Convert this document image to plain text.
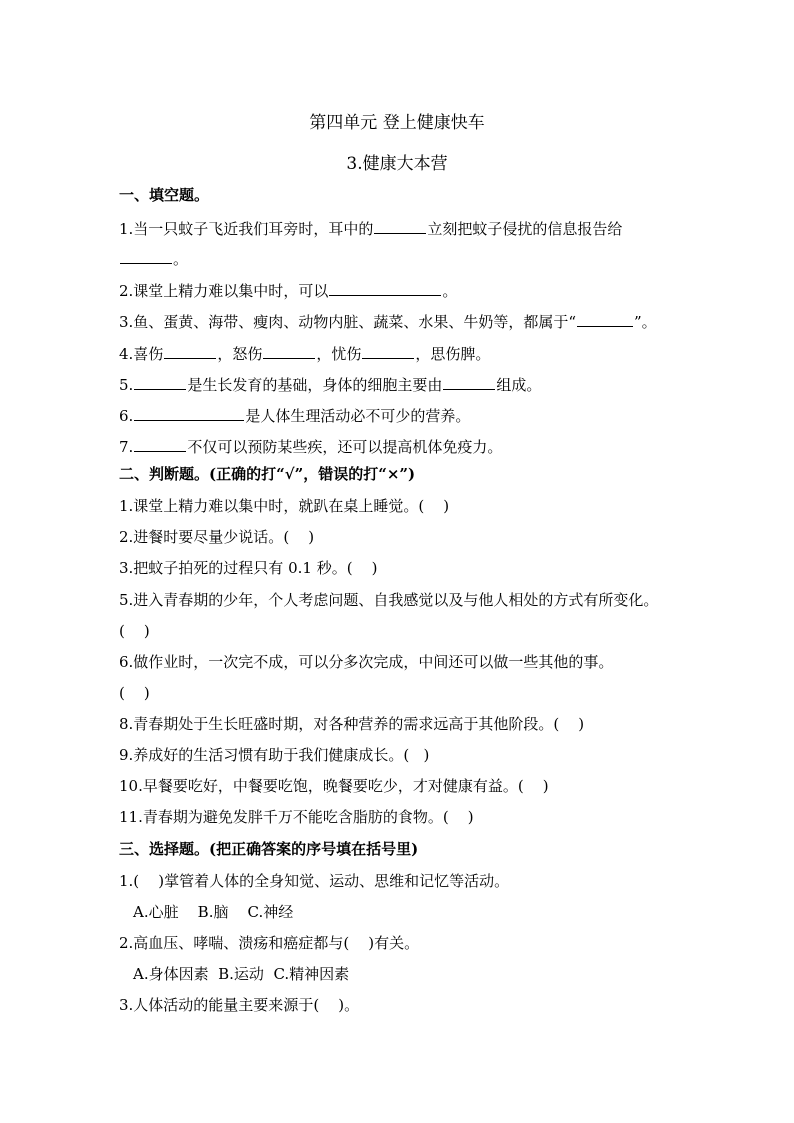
第四单元 登上健康快车
3.健康大本营
一、填空题。
1.当一只蚊子飞近我们耳旁时，耳中的	立刻把蚊子侵扰的信息报告给
。
2.课堂上精力难以集中时，可以	。
3.鱼、蛋黄、海带、瘦肉、动物内脏、蔬菜、水果、牛奶等，都属于“	”。
4.喜伤	，怒伤	，忧伤	，思伤脾。
5.	是生长发育的基础，身体的细胞主要由	组成。
6.	是人体生理活动必不可少的营养。
7.	不仅可以预防某些疾，还可以提高机体免疫力。
二、判断题。(正确的打“√”，错误的打“×”)
1.课堂上精力难以集中时，就趴在桌上睡觉。(    )
2.进餐时要尽量少说话。(    )
3.把蚊子拍死的过程只有 0.1 秒。(    )
5.进入青春期的少年，个人考虑问题、自我感觉以及与他人相处的方式有所变化。
(    )
6.做作业时，一次完不成，可以分多次完成，中间还可以做一些其他的事。
(    )
8.青春期处于生长旺盛时期，对各种营养的需求远高于其他阶段。(    )
9.养成好的生活习惯有助于我们健康成长。(   )
10.早餐要吃好，中餐要吃饱，晚餐要吃少，才对健康有益。(    )
11.青春期为避免发胖千万不能吃含脂肪的食物。(    )
三、选择题。(把正确答案的序号填在括号里)
1.(    )掌管着人体的全身知觉、运动、思维和记忆等活动。
A.心脏    B.脑    C.神经
2.高血压、哮喘、溃疡和癌症都与(    )有关。
A.身体因素  B.运动  C.精神因素
3.人体活动的能量主要来源于(    )。
